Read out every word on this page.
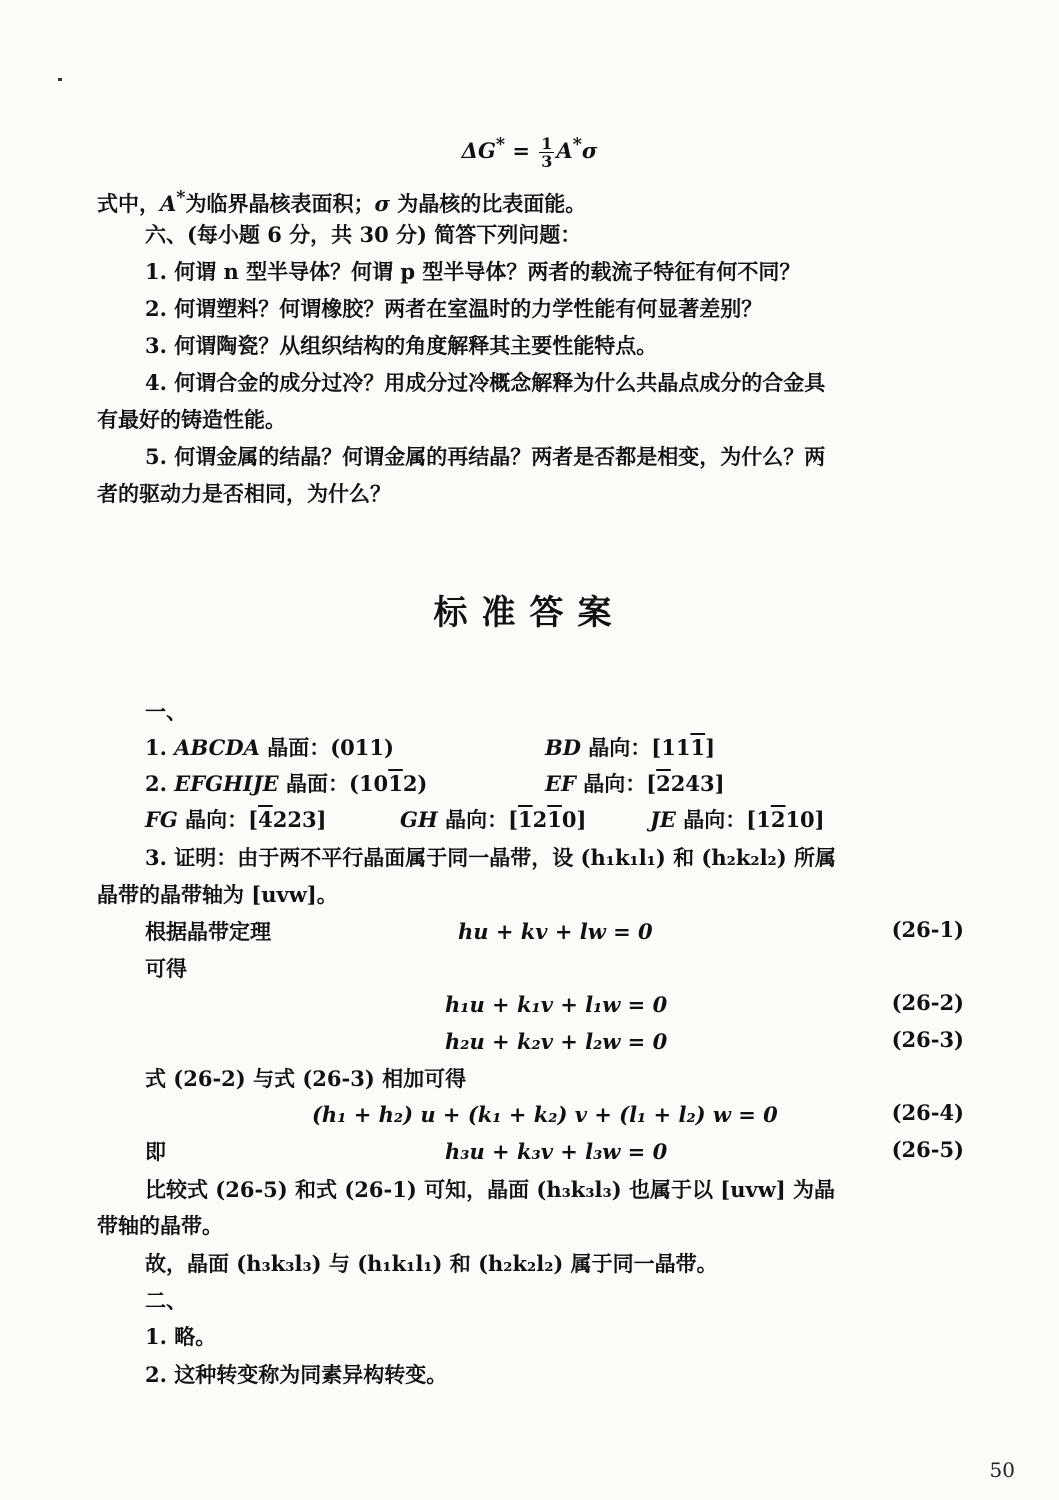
$\Delta G^* = \frac{1}{3} A^*\sigma$
式中，A*为临界晶核表面积；σ 为晶核的比表面能。
六、(每小题 6 分，共 30 分) 简答下列问题：
1. 何谓 n 型半导体？何谓 p 型半导体？两者的载流子特征有何不同？
2. 何谓塑料？何谓橡胶？两者在室温时的力学性能有何显著差别？
3. 何谓陶瓷？从组织结构的角度解释其主要性能特点。
4. 何谓合金的成分过冷？用成分过冷概念解释为什么共晶点成分的合金具
有最好的铸造性能。
5. 何谓金属的结晶？何谓金属的再结晶？两者是否都是相变，为什么？两
者的驱动力是否相同，为什么？
标准答案
一、
1. ABCDA 晶面：(011)	BD 晶向：[111]
2. EFGHIJE 晶面：(1012)	EF 晶向：[2243]
FG 晶向：[4223]	GH 晶向：[1210]	JE 晶向：[1210]
3. 证明：由于两不平行晶面属于同一晶带，设 (h₁k₁l₁) 和 (h₂k₂l₂) 所属
晶带的晶带轴为 [uvw]。
根据晶带定理	hu + kv + lw = 0	(26-1)
可得
h₁u + k₁v + l₁w = 0	(26-2)
h₂u + k₂v + l₂w = 0	(26-3)
式 (26-2) 与式 (26-3) 相加可得
(h₁ + h₂) u + (k₁ + k₂) v + (l₁ + l₂) w = 0	(26-4)
即	h₃u + k₃v + l₃w = 0	(26-5)
比较式 (26-5) 和式 (26-1) 可知，晶面 (h₃k₃l₃) 也属于以 [uvw] 为晶
带轴的晶带。
故，晶面 (h₃k₃l₃) 与 (h₁k₁l₁) 和 (h₂k₂l₂) 属于同一晶带。
二、
1. 略。
2. 这种转变称为同素异构转变。
50
